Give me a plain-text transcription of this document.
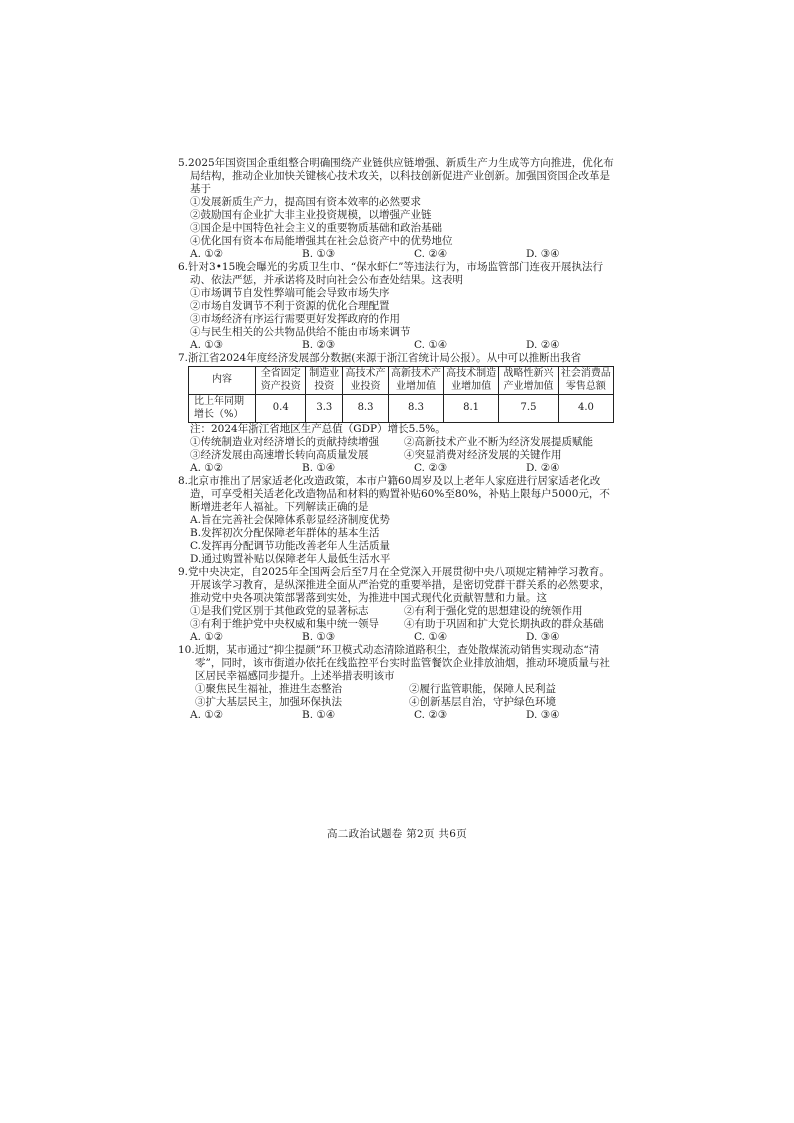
5.2025年国资国企重组整合明确围绕产业链供应链增强、新质生产力生成等方向推进，优化布局结构，推动企业加快关键核心技术攻关，以科技创新促进产业创新。加强国资国企改革是基于

①发展新质生产力，提高国有资本效率的必然要求

②鼓励国有企业扩大非主业投资规模，以增强产业链

③国企是中国特色社会主义的重要物质基础和政治基础

④优化国有资本布局能增强其在社会总资产中的优势地位

A. ①②	B. ①③	C. ②④	D. ③④

6.针对3•15晚会曝光的劣质卫生巾、“保水虾仁”等违法行为，市场监管部门连夜开展执法行动、依法严惩，并承诺将及时向社会公布查处结果。这表明

①市场调节自发性弊端可能会导致市场失序

②市场自发调节不利于资源的优化合理配置

③市场经济有序运行需要更好发挥政府的作用

④与民生相关的公共物品供给不能由市场来调节

A. ①③	B. ②③	C. ①④	D. ②④

7.浙江省2024年度经济发展部分数据(来源于浙江省统计局公报）。从中可以推断出我省

内容	全省固定资产投资	制造业投资	高技术产业投资	高新技术产业增加值	高技术制造业增加值	战略性新兴产业增加值	社会消费品零售总额
比上年同期增长（%）	0.4	3.3	8.3	8.3	8.1	7.5	4.0

注：2024年浙江省地区生产总值（GDP）增长5.5%。

①传统制造业对经济增长的贡献持续增强	②高新技术产业不断为经济发展提质赋能
③经济发展由高速增长转向高质量发展	④突显消费对经济发展的关键作用
A. ①②	B. ①④	C. ②③	D. ②④

8.北京市推出了居家适老化改造政策，本市户籍60周岁及以上老年人家庭进行居家适老化改造，可享受相关适老化改造物品和材料的购置补贴60%至80%，补贴上限每户5000元，不断增进老年人福祉。下列解读正确的是

A.旨在完善社会保障体系彰显经济制度优势

B.发挥初次分配保障老年群体的基本生活

C.发挥再分配调节功能改善老年人生活质量

D.通过购置补贴以保障老年人最低生活水平

9.党中央决定，自2025年全国两会后至7月在全党深入开展贯彻中央八项规定精神学习教育。开展该学习教育，是纵深推进全面从严治党的重要举措，是密切党群干群关系的必然要求，推动党中央各项决策部署落到实处，为推进中国式现代化贡献智慧和力量。这

①是我们党区别于其他政党的显著标志	②有利于强化党的思想建设的统领作用
③有利于维护党中央权威和集中统一领导	④有助于巩固和扩大党长期执政的群众基础
A. ①②	B. ①③	C. ①④	D. ③④

10.近期，某市通过“抑尘提颜”环卫模式动态清除道路积尘，查处散煤流动销售实现动态“清零”，同时，该市街道办依托在线监控平台实时监管餐饮企业排放油烟，推动环境质量与社区居民幸福感同步提升。上述举措表明该市

①聚焦民生福祉，推进生态整治	②履行监管职能，保障人民利益
③扩大基层民主，加强环保执法	④创新基层自治，守护绿色环境
A. ①②	B. ①④	C. ②③	D. ③④
高二政治试题卷 第2页 共6页
